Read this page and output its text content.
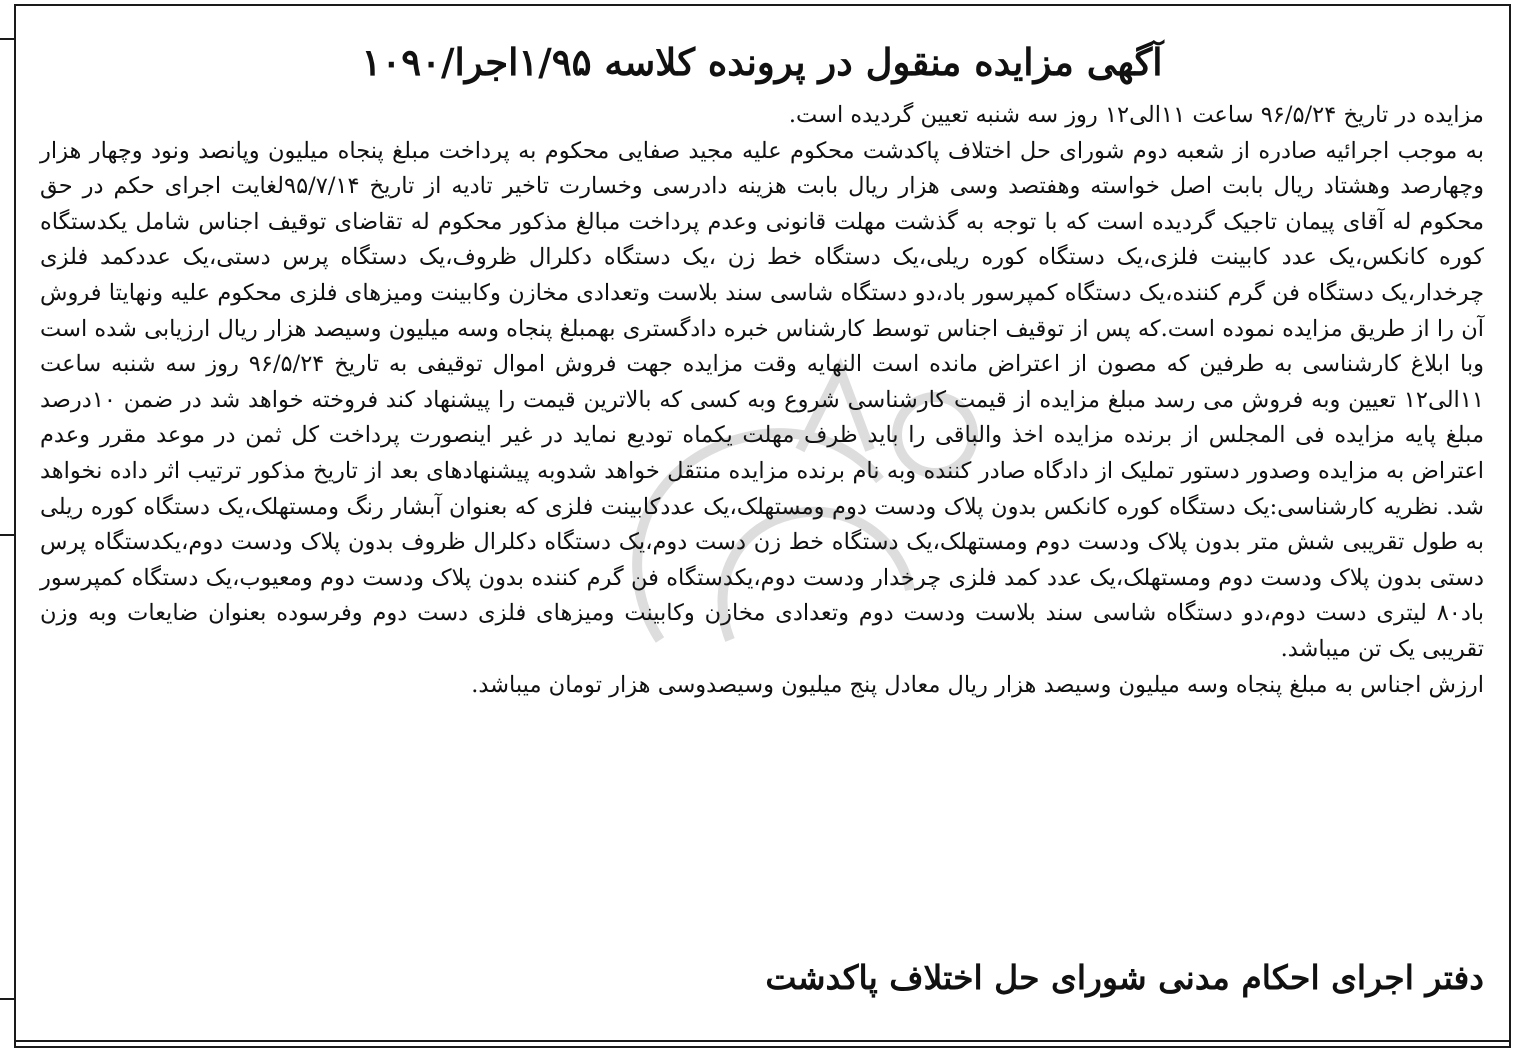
آگهی مزایده منقول در پرونده کلاسه ۱/۹۵اجرا/۱۰۹۰

مزایده در تاریخ ۹۶/۵/۲۴ ساعت ۱۱الی۱۲ روز سه شنبه تعیین گردیده است.

به موجب اجرائیه صادره از شعبه دوم شورای حل اختلاف پاکدشت محکوم علیه مجید صفایی محکوم به پرداخت مبلغ پنجاه میلیون وپانصد ونود وچهار هزار وچهارصد وهشتاد ریال بابت اصل خواسته وهفتصد وسی هزار ریال بابت هزینه دادرسی وخسارت تاخیر تادیه از تاریخ ۹۵/۷/۱۴لغایت اجرای حکم در حق محکوم له آقای پیمان تاجیک گردیده است که با توجه به گذشت مهلت قانونی وعدم پرداخت مبالغ مذکور محکوم له تقاضای توقیف اجناس شامل یکدستگاه کوره کانکس،یک عدد کابینت فلزی،یک دستگاه کوره ریلی،یک دستگاه خط زن ،یک دستگاه دکلرال ظروف،یک دستگاه پرس دستی،یک عددکمد فلزی چرخدار،یک دستگاه فن گرم کننده،یک دستگاه کمپرسور باد،دو دستگاه شاسی سند بلاست وتعدادی مخازن وکابینت ومیزهای فلزی محکوم علیه ونهایتا فروش آن را از طریق مزایده نموده است.که پس از توقیف اجناس توسط کارشناس خبره دادگستری بهمبلغ پنجاه وسه میلیون وسیصد هزار ریال ارزیابی شده است وبا ابلاغ کارشناسی به طرفین که مصون از اعتراض مانده است النهایه وقت مزایده جهت فروش اموال توقیفی به تاریخ ۹۶/۵/۲۴ روز سه شنبه ساعت ۱۱الی۱۲ تعیین وبه فروش می رسد مبلغ مزایده از قیمت کارشناسی شروع وبه کسی که بالاترین قیمت را پیشنهاد کند فروخته خواهد شد در ضمن ۱۰درصد مبلغ پایه مزایده فی المجلس از برنده مزایده اخذ والباقی را باید ظرف مهلت یکماه توديع نماید در غیر اینصورت پرداخت کل ثمن در موعد مقرر وعدم اعتراض به مزایده وصدور دستور تملیک از دادگاه صادر کننده وبه نام برنده مزایده منتقل خواهد شدوبه پیشنهادهای بعد از تاریخ مذکور ترتیب اثر داده نخواهد شد. نظریه کارشناسی:یک دستگاه کوره کانکس بدون پلاک ودست دوم ومستهلک،یک عددکابینت فلزی که بعنوان آبشار رنگ ومستهلک،یک دستگاه کوره ریلی به طول تقریبی شش متر بدون پلاک ودست دوم ومستهلک،یک دستگاه خط زن دست دوم،یک دستگاه دکلرال ظروف بدون پلاک ودست دوم،یکدستگاه پرس دستی بدون پلاک ودست دوم ومستهلک،یک عدد کمد فلزی چرخدار ودست دوم،یکدستگاه فن گرم کننده بدون پلاک ودست دوم ومعیوب،یک دستگاه کمپرسور باد۸۰ لیتری دست دوم،دو دستگاه شاسی سند بلاست ودست دوم وتعدادی مخازن وکابینت ومیزهای فلزی دست دوم وفرسوده بعنوان ضایعات وبه وزن تقریبی یک تن میباشد.

ارزش اجناس به مبلغ پنجاه وسه میلیون وسیصد هزار ریال معادل پنج میلیون وسیصدوسی هزار تومان میباشد.

دفتر اجرای احکام مدنی شورای حل اختلاف پاکدشت
